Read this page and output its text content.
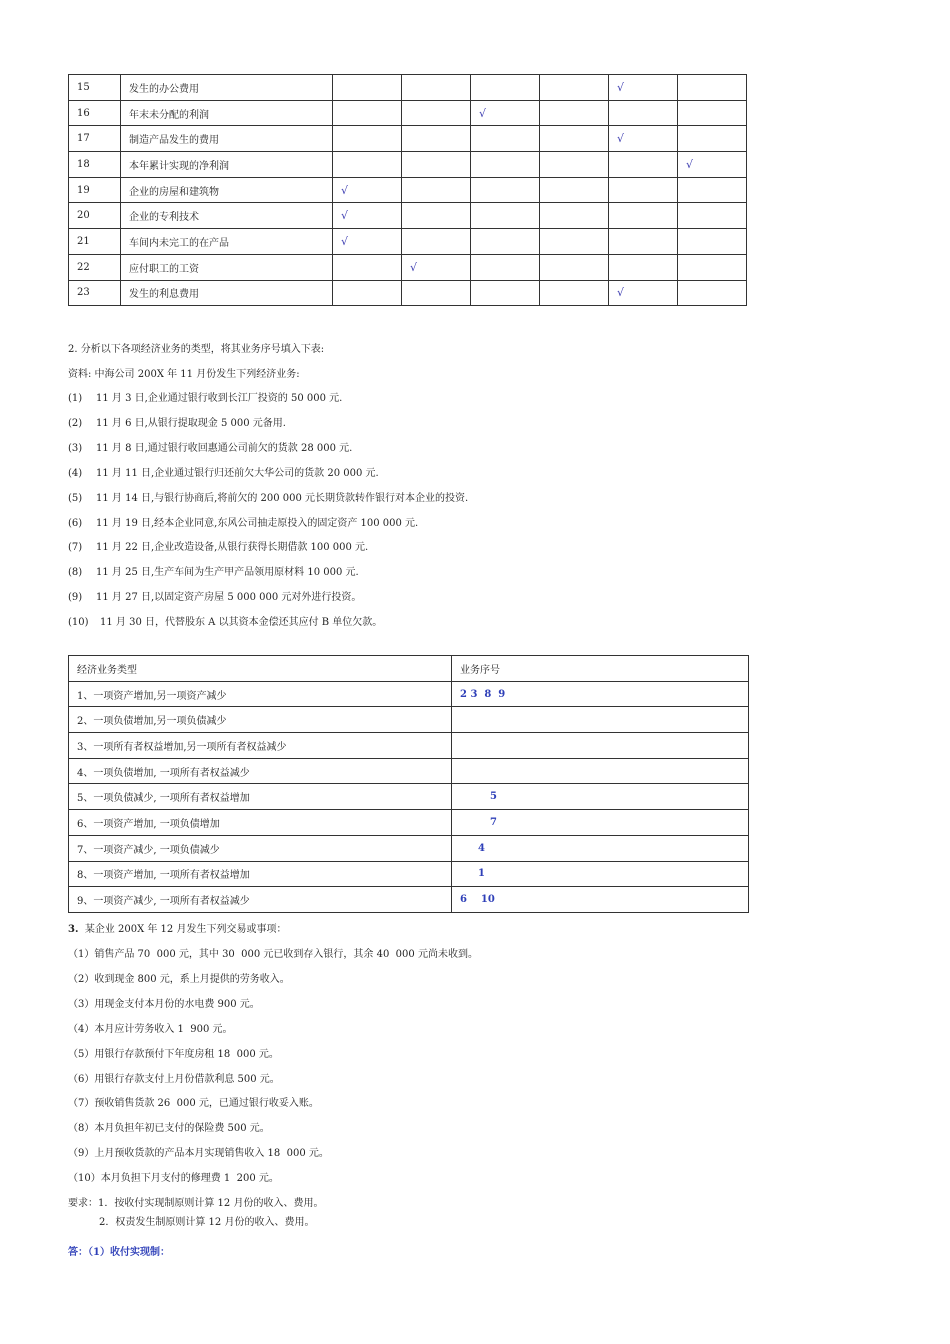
15	发生的办公费用					√	
16	年末未分配的利润			√			
17	制造产品发生的费用					√	
18	本年累计实现的净利润						√
19	企业的房屋和建筑物	√					
20	企业的专利技术	√					
21	车间内未完工的在产品	√					
22	应付职工的工资		√				
23	发生的利息费用					√	
2. 分析以下各项经济业务的类型，将其业务序号填入下表:
资料: 中海公司 200X 年 11 月份发生下列经济业务:
(1) 11 月 3 日,企业通过银行收到长江厂投资的 50 000 元.
(2) 11 月 6 日,从银行提取现金 5 000 元备用.
(3) 11 月 8 日,通过银行收回惠通公司前欠的货款 28 000 元.
(4) 11 月 11 日,企业通过银行归还前欠大华公司的货款 20 000 元.
(5) 11 月 14 日,与银行协商后,将前欠的 200 000 元长期贷款转作银行对本企业的投资.
(6) 11 月 19 日,经本企业同意,东风公司抽走原投入的固定资产 100 000 元.
(7) 11 月 22 日,企业改造设备,从银行获得长期借款 100 000 元.
(8) 11 月 25 日,生产车间为生产甲产品领用原材料 10 000 元.
(9) 11 月 27 日,以固定资产房屋 5 000 000 元对外进行投资。
(10) 11 月 30 日，代替股东 A 以其资本金偿还其应付 B 单位欠款。
经济业务类型	业务序号
1、一项资产增加,另一项资产减少	2 3  8  9
2、一项负债增加,另一项负债减少	
3、一项所有者权益增加,另一项所有者权益减少	
4、一项负债增加, 一项所有者权益减少	
5、一项负债减少, 一项所有者权益增加	5
6、一项资产增加, 一项负债增加	7
7、一项资产减少, 一项负债减少	4
8、一项资产增加, 一项所有者权益增加	1
9、一项资产减少, 一项所有者权益减少	6    10
3. 某企业 200X 年 12 月发生下列交易或事项：
（1）销售产品 70  000 元，其中 30  000 元已收到存入银行，其余 40  000 元尚未收到。
（2）收到现金 800 元，系上月提供的劳务收入。
（3）用现金支付本月份的水电费 900 元。
（4）本月应计劳务收入 1  900 元。
（5）用银行存款预付下年度房租 18  000 元。
（6）用银行存款支付上月份借款利息 500 元。
（7）预收销售货款 26  000 元，已通过银行收妥入账。
（8）本月负担年初已支付的保险费 500 元。
（9）上月预收货款的产品本月实现销售收入 18  000 元。
（10）本月负担下月支付的修理费 1  200 元。
要求：1．按收付实现制原则计算 12 月份的收入、费用。
2．权责发生制原则计算 12 月份的收入、费用。
答：（1）收付实现制：
